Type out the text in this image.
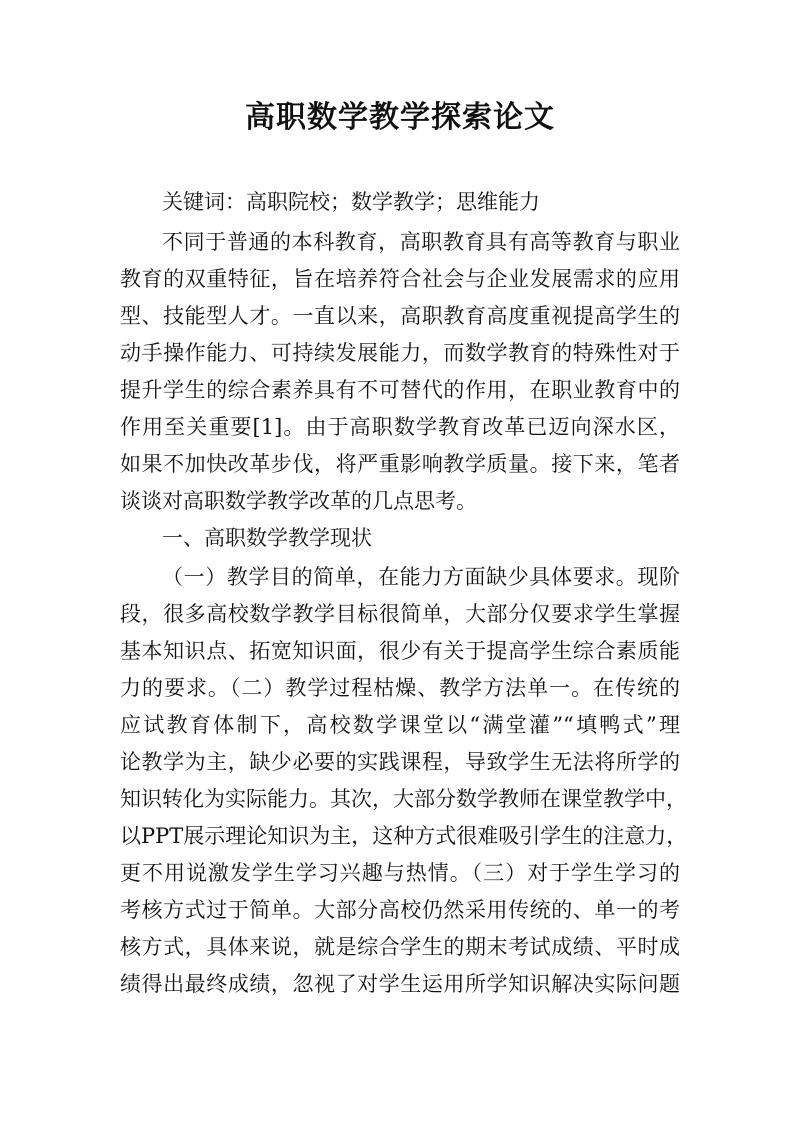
高职数学教学探索论文
关键词：高职院校；数学教学；思维能力
不同于普通的本科教育，高职教育具有高等教育与职业
教育的双重特征，旨在培养符合社会与企业发展需求的应用
型、技能型人才。一直以来，高职教育高度重视提高学生的
动手操作能力、可持续发展能力，而数学教育的特殊性对于
提升学生的综合素养具有不可替代的作用，在职业教育中的
作用至关重要[1]。由于高职数学教育改革已迈向深水区，
如果不加快改革步伐，将严重影响教学质量。接下来，笔者
谈谈对高职数学教学改革的几点思考。
一、高职数学教学现状
（一）教学目的简单，在能力方面缺少具体要求。现阶
段，很多高校数学教学目标很简单，大部分仅要求学生掌握
基本知识点、拓宽知识面，很少有关于提高学生综合素质能
力的要求。（二）教学过程枯燥、教学方法单一。在传统的
应试教育体制下，高校数学课堂以“满堂灌”“填鸭式”理
论教学为主，缺少必要的实践课程，导致学生无法将所学的
知识转化为实际能力。其次，大部分数学教师在课堂教学中，
以PPT展示理论知识为主，这种方式很难吸引学生的注意力，
更不用说激发学生学习兴趣与热情。（三）对于学生学习的
考核方式过于简单。大部分高校仍然采用传统的、单一的考
核方式，具体来说，就是综合学生的期末考试成绩、平时成
绩得出最终成绩，忽视了对学生运用所学知识解决实际问题
